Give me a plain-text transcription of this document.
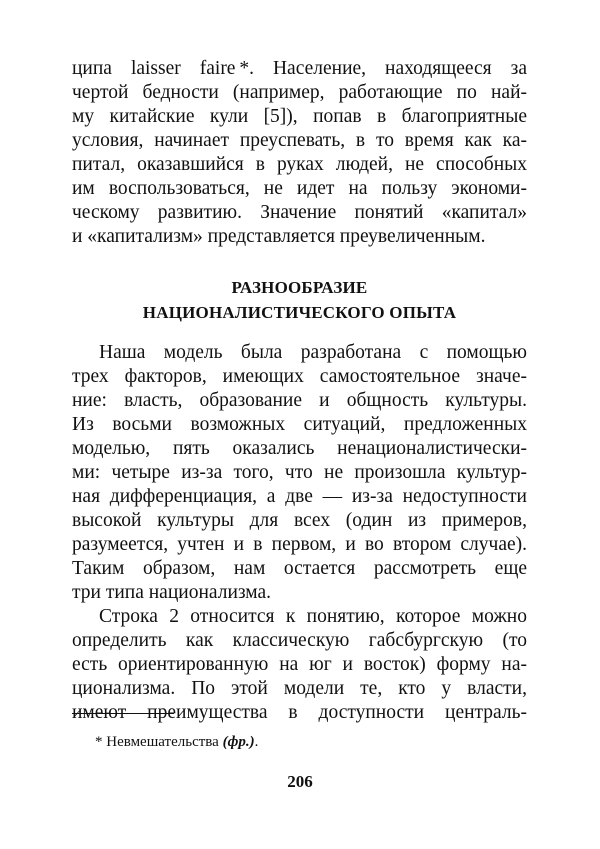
ципа laisser faire *. Население, находящееся за
чертой бедности (например, работающие по най-
му китайские кули [5]), попав в благоприятные
условия, начинает преуспевать, в то время как ка-
питал, оказавшийся в руках людей, не способных
им воспользоваться, не идет на пользу экономи-
ческому развитию. Значение понятий «капитал»
и «капитализм» представляется преувеличенным.
РАЗНООБРАЗИЕ
НАЦИОНАЛИСТИЧЕСКОГО ОПЫТА
Наша модель была разработана с помощью
трех факторов, имеющих самостоятельное значе-
ние: власть, образование и общность культуры.
Из восьми возможных ситуаций, предложенных
моделью, пять оказались ненационалистически-
ми: четыре из-за того, что не произошла культур-
ная дифференциация, а две — из-за недоступности
высокой культуры для всех (один из примеров,
разумеется, учтен и в первом, и во втором случае).
Таким образом, нам остается рассмотреть еще
три типа национализма.
Строка 2 относится к понятию, которое можно
определить как классическую габсбургскую (то
есть ориентированную на юг и восток) форму на-
ционализма. По этой модели те, кто у власти,
имеют преимущества в доступности централь-
* Невмешательства (фр.).
206
